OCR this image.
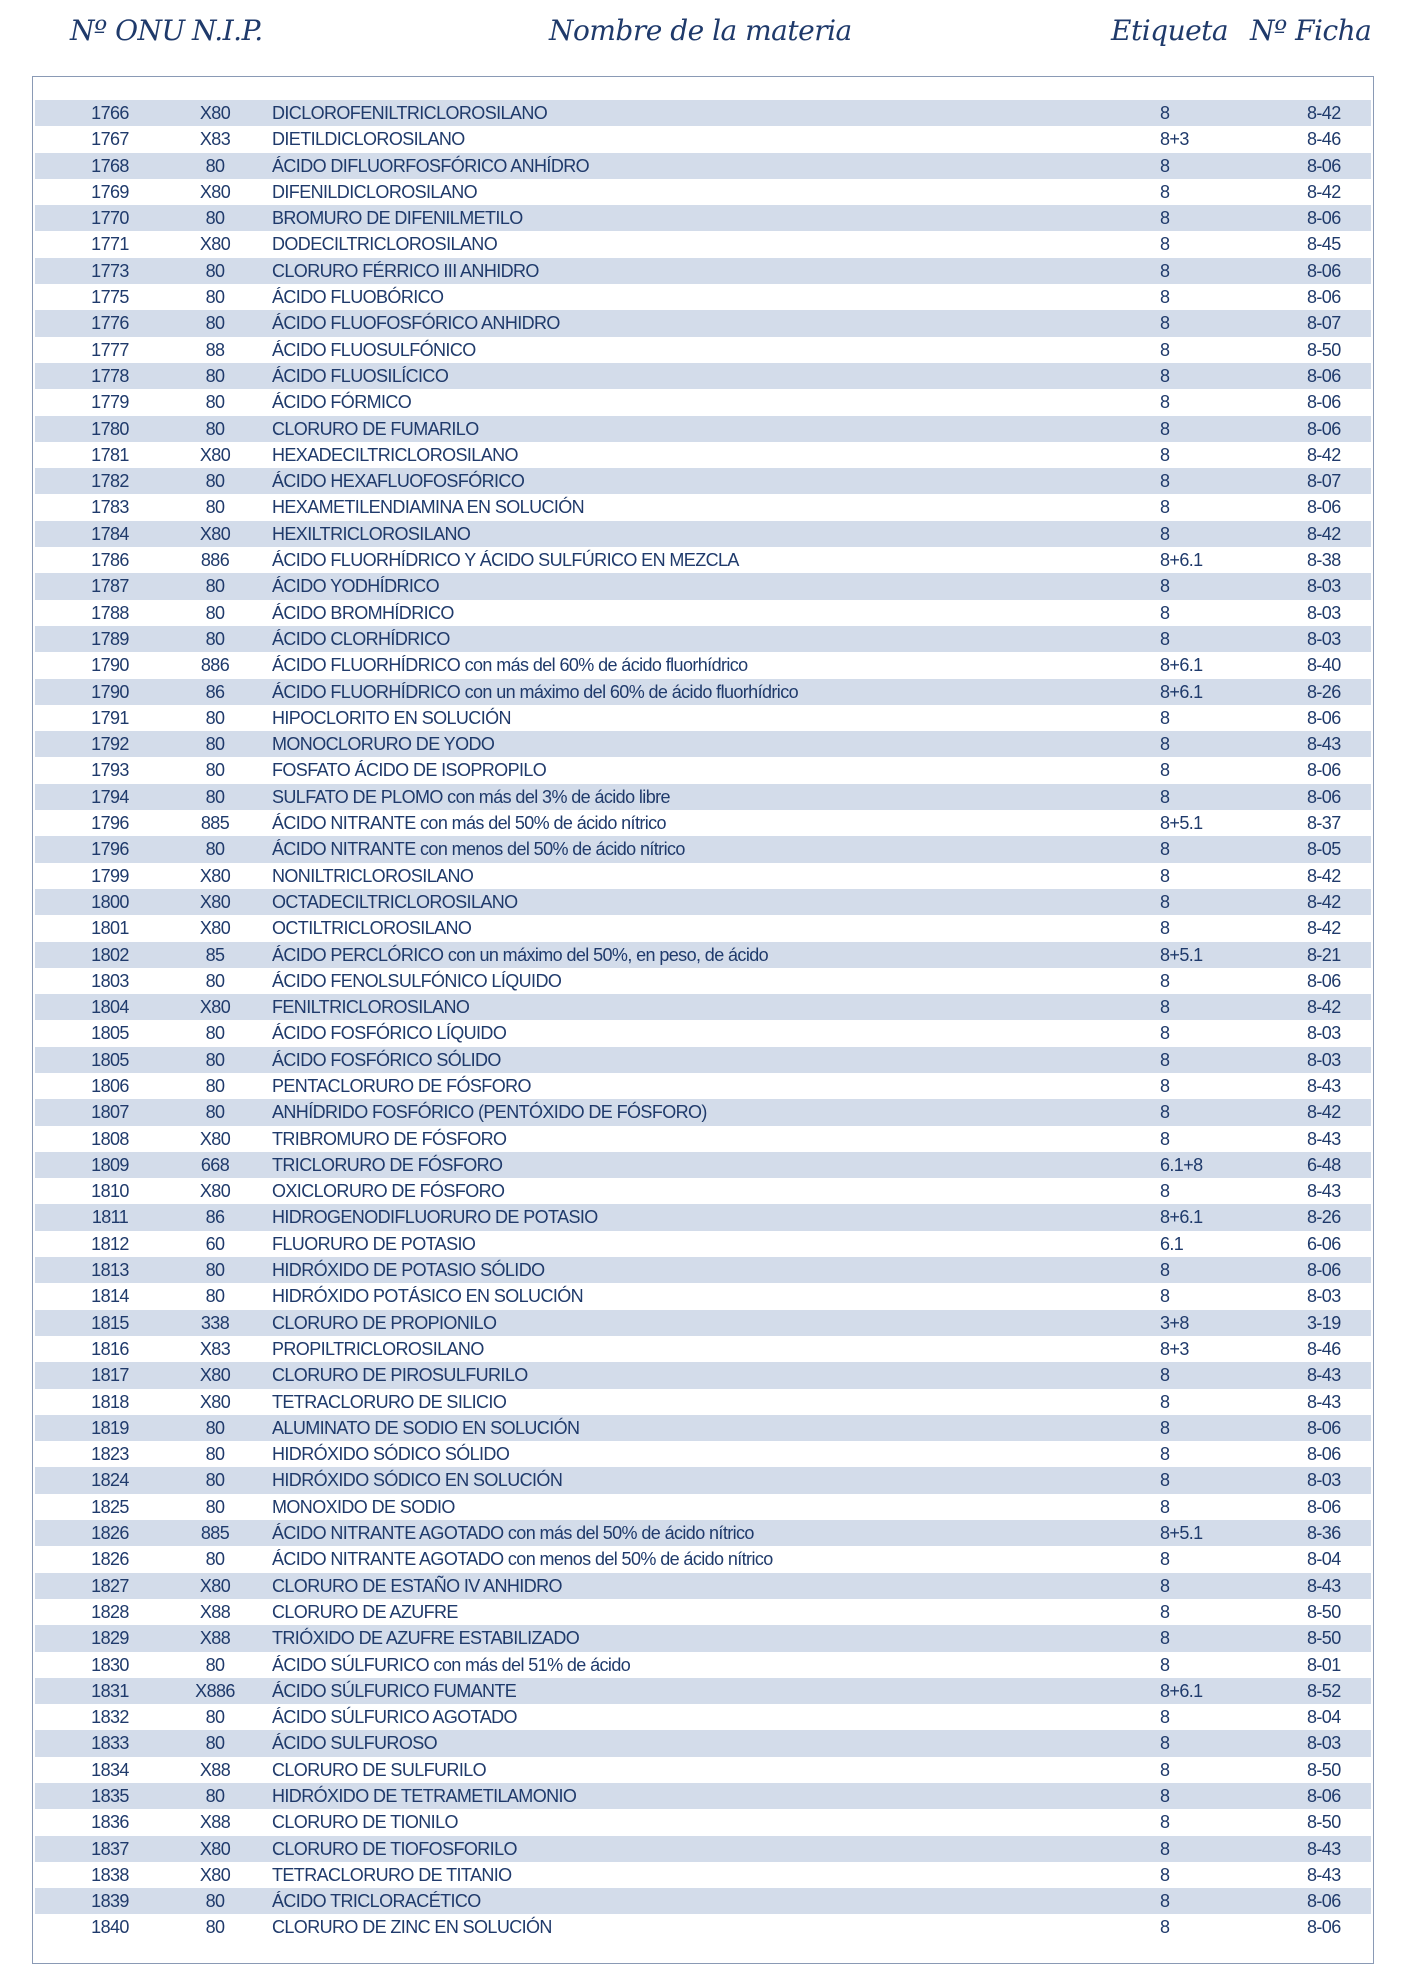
Nº ONU N.I.P.	Nombre de la materia	Etiqueta Nº Ficha
1766	X80	DICLOROFENILTRICLOROSILANO	8	8-42
1767	X83	DIETILDICLOROSILANO	8+3	8-46
1768	80	ÁCIDO DIFLUORFOSFÓRICO ANHÍDRO	8	8-06
1769	X80	DIFENILDICLOROSILANO	8	8-42
1770	80	BROMURO DE DIFENILMETILO	8	8-06
1771	X80	DODECILTRICLOROSILANO	8	8-45
1773	80	CLORURO FÉRRICO III ANHIDRO	8	8-06
1775	80	ÁCIDO FLUOBÓRICO	8	8-06
1776	80	ÁCIDO FLUOFOSFÓRICO ANHIDRO	8	8-07
1777	88	ÁCIDO FLUOSULFÓNICO	8	8-50
1778	80	ÁCIDO FLUOSILÍCICO	8	8-06
1779	80	ÁCIDO FÓRMICO	8	8-06
1780	80	CLORURO DE FUMARILO	8	8-06
1781	X80	HEXADECILTRICLOROSILANO	8	8-42
1782	80	ÁCIDO HEXAFLUOFOSFÓRICO	8	8-07
1783	80	HEXAMETILENDIAMINA EN SOLUCIÓN	8	8-06
1784	X80	HEXILTRICLOROSILANO	8	8-42
1786	886	ÁCIDO FLUORHÍDRICO Y ÁCIDO SULFÚRICO EN MEZCLA	8+6.1	8-38
1787	80	ÁCIDO YODHÍDRICO	8	8-03
1788	80	ÁCIDO BROMHÍDRICO	8	8-03
1789	80	ÁCIDO CLORHÍDRICO	8	8-03
1790	886	ÁCIDO FLUORHÍDRICO con más del 60% de ácido fluorhídrico	8+6.1	8-40
1790	86	ÁCIDO FLUORHÍDRICO con un máximo del 60% de ácido fluorhídrico	8+6.1	8-26
1791	80	HIPOCLORITO EN SOLUCIÓN	8	8-06
1792	80	MONOCLORURO DE YODO	8	8-43
1793	80	FOSFATO ÁCIDO DE ISOPROPILO	8	8-06
1794	80	SULFATO DE PLOMO con más del 3% de ácido libre	8	8-06
1796	885	ÁCIDO NITRANTE con más del 50% de ácido nítrico	8+5.1	8-37
1796	80	ÁCIDO NITRANTE con menos del 50% de ácido nítrico	8	8-05
1799	X80	NONILTRICLOROSILANO	8	8-42
1800	X80	OCTADECILTRICLOROSILANO	8	8-42
1801	X80	OCTILTRICLOROSILANO	8	8-42
1802	85	ÁCIDO PERCLÓRICO con un máximo del 50%, en peso, de ácido	8+5.1	8-21
1803	80	ÁCIDO FENOLSULFÓNICO LÍQUIDO	8	8-06
1804	X80	FENILTRICLOROSILANO	8	8-42
1805	80	ÁCIDO FOSFÓRICO LÍQUIDO	8	8-03
1805	80	ÁCIDO FOSFÓRICO SÓLIDO	8	8-03
1806	80	PENTACLORURO DE FÓSFORO	8	8-43
1807	80	ANHÍDRIDO FOSFÓRICO (PENTÓXIDO DE FÓSFORO)	8	8-42
1808	X80	TRIBROMURO DE FÓSFORO	8	8-43
1809	668	TRICLORURO DE FÓSFORO	6.1+8	6-48
1810	X80	OXICLORURO DE FÓSFORO	8	8-43
1811	86	HIDROGENODIFLUORURO DE POTASIO	8+6.1	8-26
1812	60	FLUORURO DE POTASIO	6.1	6-06
1813	80	HIDRÓXIDO DE POTASIO SÓLIDO	8	8-06
1814	80	HIDRÓXIDO POTÁSICO EN SOLUCIÓN	8	8-03
1815	338	CLORURO DE PROPIONILO	3+8	3-19
1816	X83	PROPILTRICLOROSILANO	8+3	8-46
1817	X80	CLORURO DE PIROSULFURILO	8	8-43
1818	X80	TETRACLORURO DE SILICIO	8	8-43
1819	80	ALUMINATO DE SODIO EN SOLUCIÓN	8	8-06
1823	80	HIDRÓXIDO SÓDICO SÓLIDO	8	8-06
1824	80	HIDRÓXIDO SÓDICO EN SOLUCIÓN	8	8-03
1825	80	MONOXIDO DE SODIO	8	8-06
1826	885	ÁCIDO NITRANTE AGOTADO con más del 50% de ácido nítrico	8+5.1	8-36
1826	80	ÁCIDO NITRANTE AGOTADO con menos del 50% de ácido nítrico	8	8-04
1827	X80	CLORURO DE ESTAÑO IV ANHIDRO	8	8-43
1828	X88	CLORURO DE AZUFRE	8	8-50
1829	X88	TRIÓXIDO DE AZUFRE ESTABILIZADO	8	8-50
1830	80	ÁCIDO SÚLFURICO con más del 51% de ácido	8	8-01
1831	X886	ÁCIDO SÚLFURICO FUMANTE	8+6.1	8-52
1832	80	ÁCIDO SÚLFURICO AGOTADO	8	8-04
1833	80	ÁCIDO SULFUROSO	8	8-03
1834	X88	CLORURO DE SULFURILO	8	8-50
1835	80	HIDRÓXIDO DE TETRAMETILAMONIO	8	8-06
1836	X88	CLORURO DE TIONILO	8	8-50
1837	X80	CLORURO DE TIOFOSFORILO	8	8-43
1838	X80	TETRACLORURO DE TITANIO	8	8-43
1839	80	ÁCIDO TRICLORACÉTICO	8	8-06
1840	80	CLORURO DE ZINC EN SOLUCIÓN	8	8-06
